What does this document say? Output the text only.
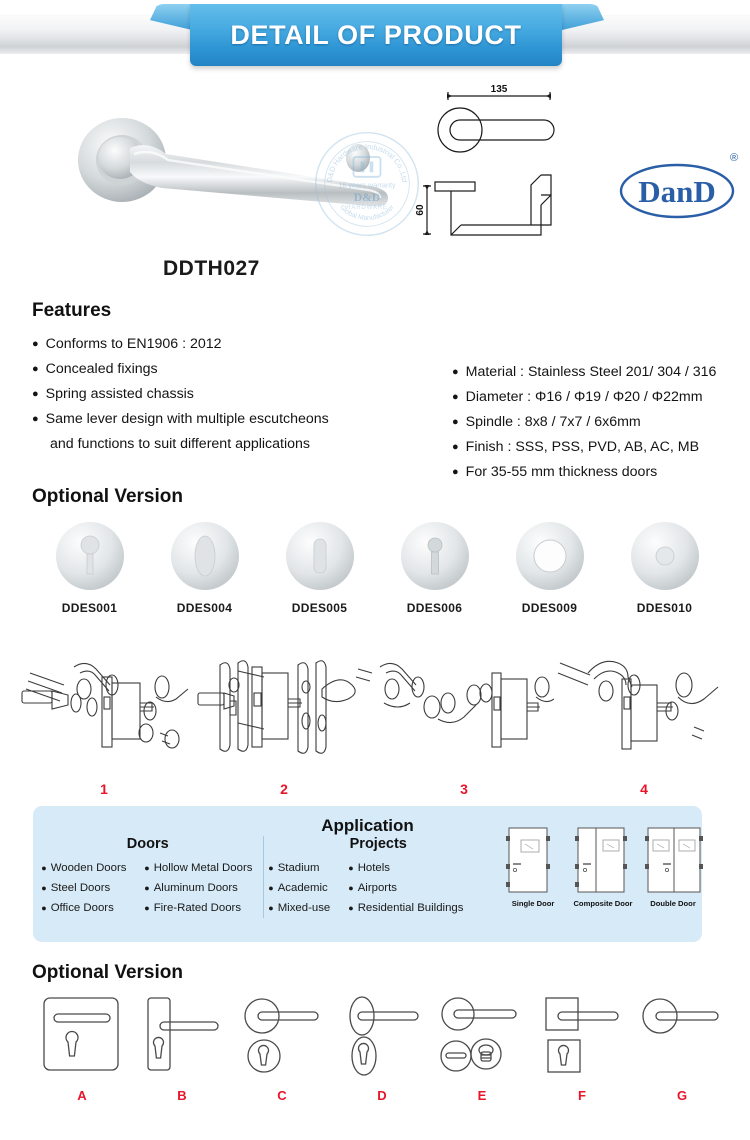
DETAIL OF PRODUCT
D&D Hardware Industrial Co.,Ltd
Global Manufacturer
16 years warranty
D&D
HARDWARE
DDTH027
135
60
DanD
®
Features
● Conforms to EN1906 : 2012
● Concealed fixings
● Spring assisted chassis
● Same lever design with multiple escutcheons
and functions to suit different applications
● Material : Stainless Steel 201/ 304 / 316
● Diameter : Φ16 / Φ19 / Φ20 / Φ22mm
● Spindle : 8x8 / 7x7 / 6x6mm
● Finish : SSS, PSS, PVD, AB, AC, MB
● For 35-55 mm thickness doors
Optional Version
DDES001	DDES004	DDES005	DDES006	DDES009	DDES010
1	2	3	4
Application
Doors
● Wooden Doors
● Steel Doors
● Office Doors
● Hollow Metal Doors
● Aluminum Doors
● Fire-Rated Doors
Projects
● Stadium
● Academic
● Mixed-use
● Hotels
● Airports
● Residential Buildings	Single Door	Composite Door	Double Door
Optional Version
A	B	C	D	E	F	G
